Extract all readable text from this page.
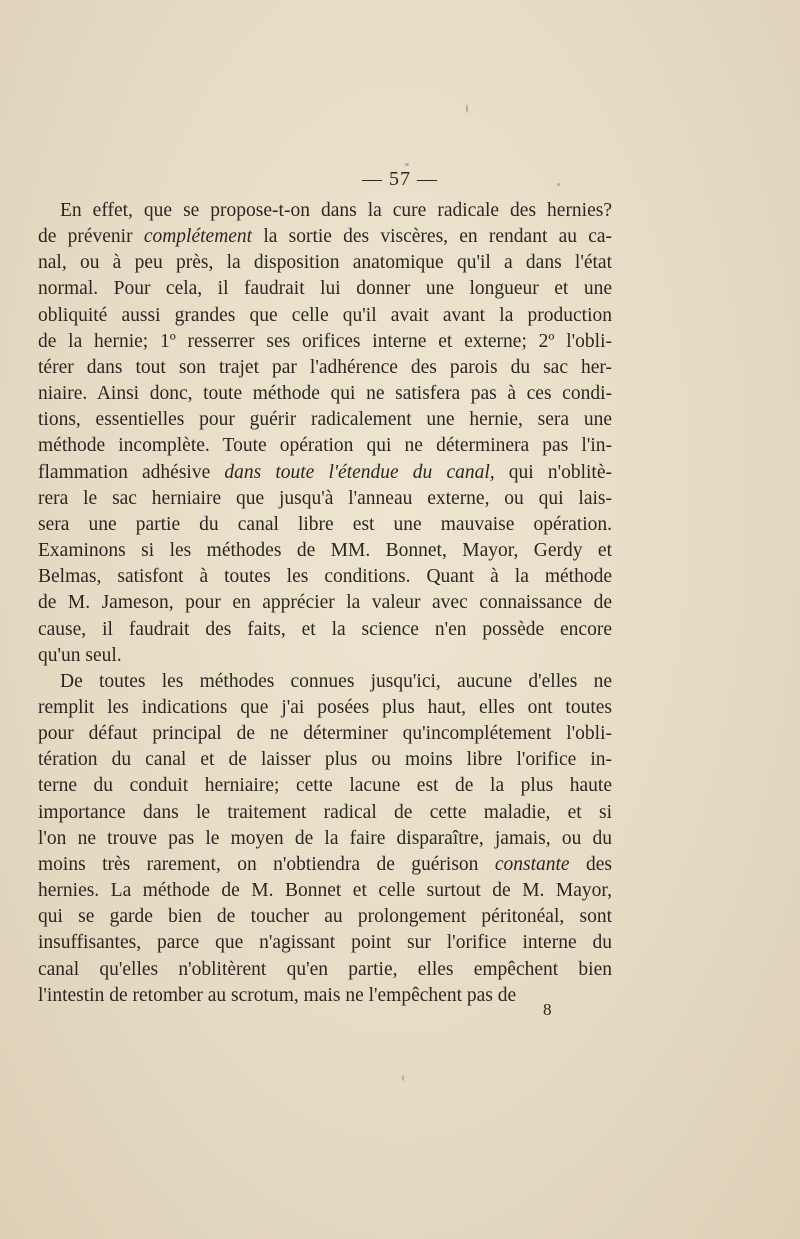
— 57 —
En effet, que se propose-t-on dans la cure radicale des hernies?
de prévenir complétement la sortie des viscères, en rendant au ca-
nal, ou à peu près, la disposition anatomique qu'il a dans l'état
normal. Pour cela, il faudrait lui donner une longueur et une
obliquité aussi grandes que celle qu'il avait avant la production
de la hernie; 1º resserrer ses orifices interne et externe; 2º l'obli-
térer dans tout son trajet par l'adhérence des parois du sac her-
niaire. Ainsi donc, toute méthode qui ne satisfera pas à ces condi-
tions, essentielles pour guérir radicalement une hernie, sera une
méthode incomplète. Toute opération qui ne déterminera pas l'in-
flammation adhésive dans toute l'étendue du canal, qui n'oblitè-
rera le sac herniaire que jusqu'à l'anneau externe, ou qui lais-
sera une partie du canal libre est une mauvaise opération.
Examinons si les méthodes de MM. Bonnet, Mayor, Gerdy et
Belmas, satisfont à toutes les conditions. Quant à la méthode
de M. Jameson, pour en apprécier la valeur avec connaissance de
cause, il faudrait des faits, et la science n'en possède encore
qu'un seul.
De toutes les méthodes connues jusqu'ici, aucune d'elles ne
remplit les indications que j'ai posées plus haut, elles ont toutes
pour défaut principal de ne déterminer qu'incomplétement l'obli-
tération du canal et de laisser plus ou moins libre l'orifice in-
terne du conduit herniaire; cette lacune est de la plus haute
importance dans le traitement radical de cette maladie, et si
l'on ne trouve pas le moyen de la faire disparaître, jamais, ou du
moins très rarement, on n'obtiendra de guérison constante des
hernies. La méthode de M. Bonnet et celle surtout de M. Mayor,
qui se garde bien de toucher au prolongement péritonéal, sont
insuffisantes, parce que n'agissant point sur l'orifice interne du
canal qu'elles n'oblitèrent qu'en partie, elles empêchent bien
l'intestin de retomber au scrotum, mais ne l'empêchent pas de
8
